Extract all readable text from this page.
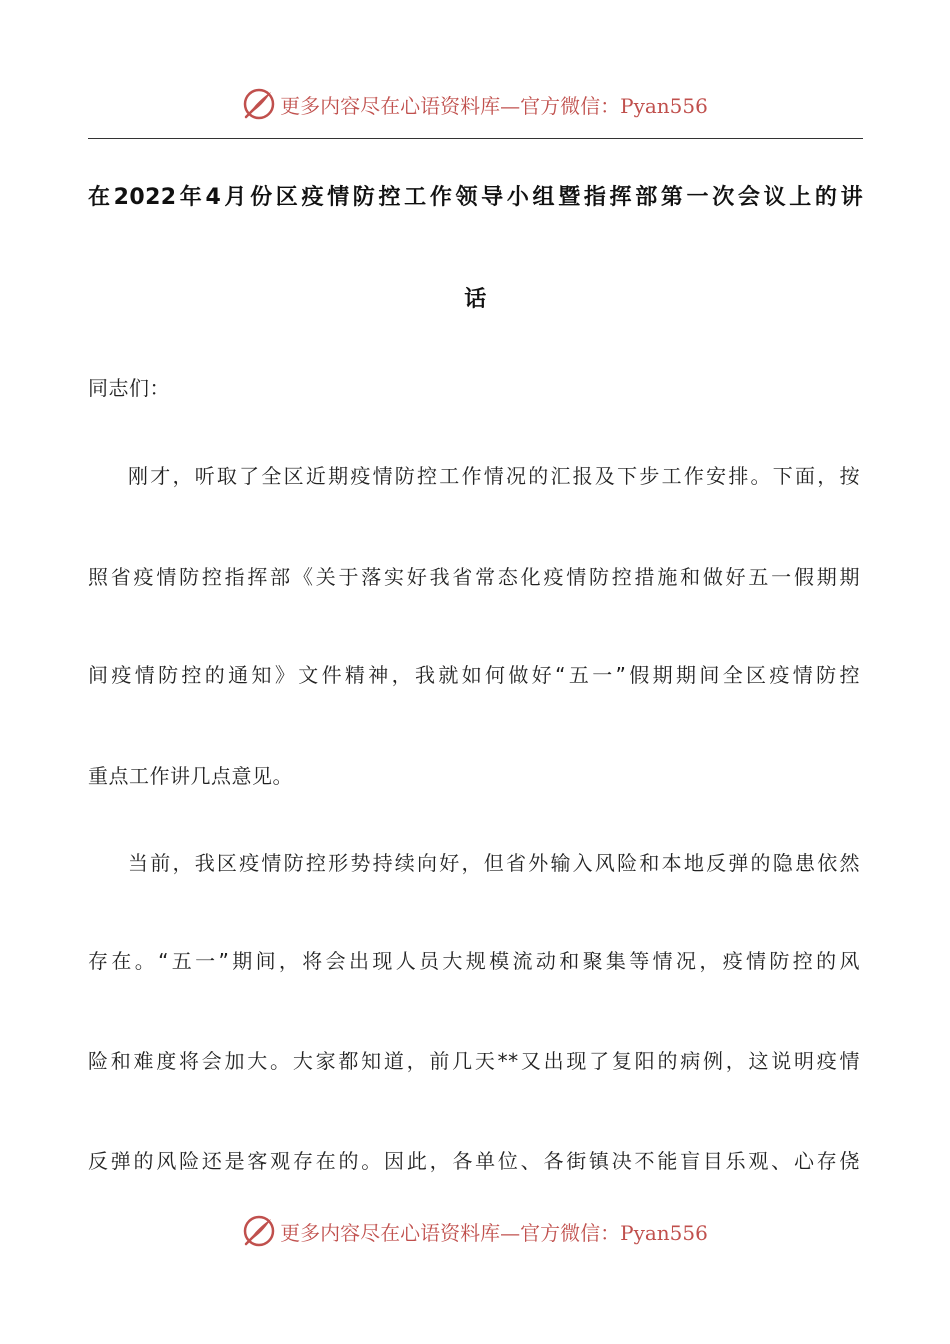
更多内容尽在心语资料库—官方微信：Pyan556
在2022年4月份区疫情防控工作领导小组暨指挥部第一次会议上的讲
话
同志们：
刚才，听取了全区近期疫情防控工作情况的汇报及下步工作安排。下面，按
照省疫情防控指挥部《关于落实好我省常态化疫情防控措施和做好五一假期期
间疫情防控的通知》文件精神，我就如何做好“五一”假期期间全区疫情防控
重点工作讲几点意见。
当前，我区疫情防控形势持续向好，但省外输入风险和本地反弹的隐患依然
存在。“五一”期间，将会出现人员大规模流动和聚集等情况，疫情防控的风
险和难度将会加大。大家都知道，前几天**又出现了复阳的病例，这说明疫情
反弹的风险还是客观存在的。因此，各单位、各街镇决不能盲目乐观、心存侥
更多内容尽在心语资料库—官方微信：Pyan556
